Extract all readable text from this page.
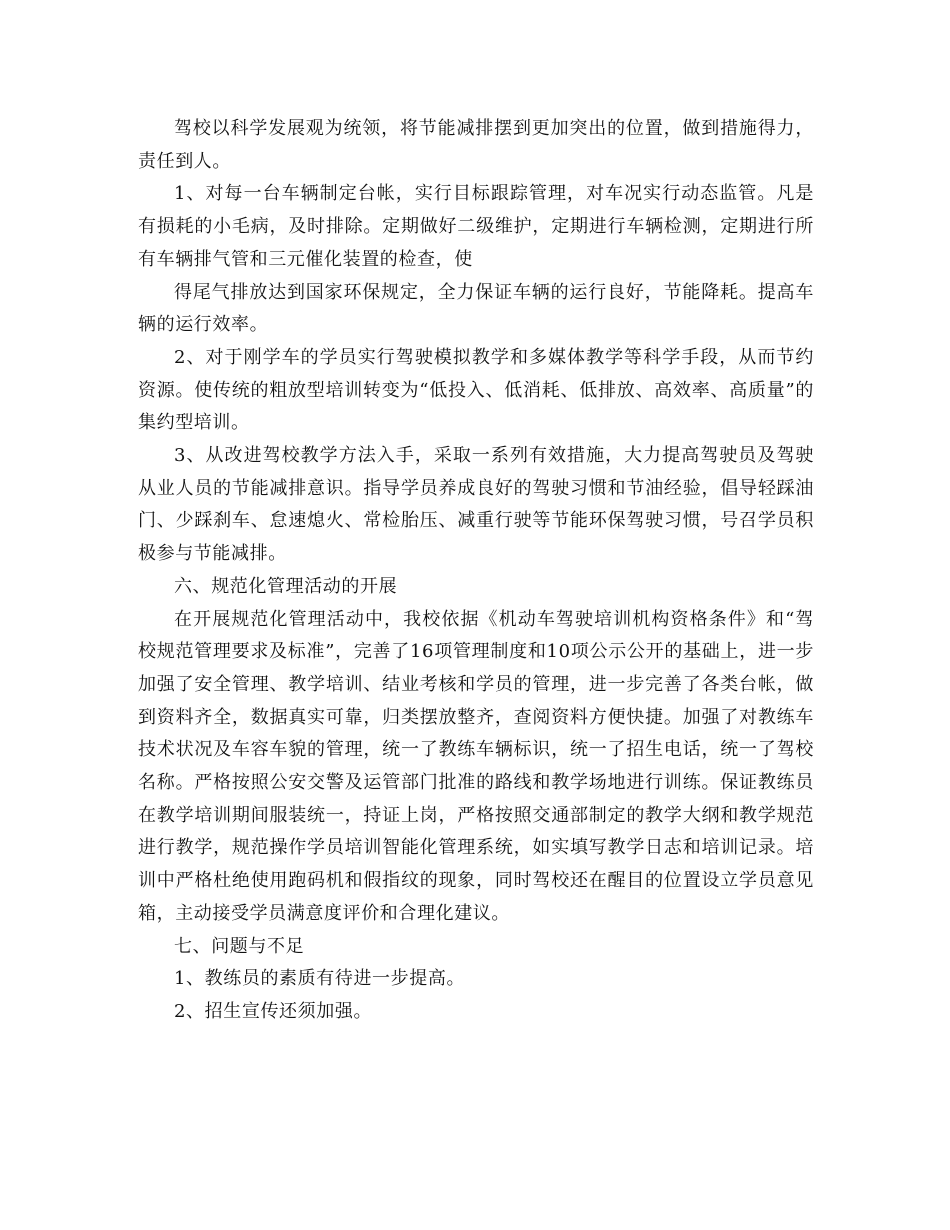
驾校以科学发展观为统领，将节能减排摆到更加突出的位置，做到措施得力，责任到人。

1、对每一台车辆制定台帐，实行目标跟踪管理，对车况实行动态监管。凡是有损耗的小毛病，及时排除。定期做好二级维护，定期进行车辆检测，定期进行所有车辆排气管和三元催化装置的检查，使

得尾气排放达到国家环保规定，全力保证车辆的运行良好，节能降耗。提高车辆的运行效率。

2、对于刚学车的学员实行驾驶模拟教学和多媒体教学等科学手段，从而节约资源。使传统的粗放型培训转变为“低投入、低消耗、低排放、高效率、高质量”的集约型培训。

3、从改进驾校教学方法入手，采取一系列有效措施，大力提高驾驶员及驾驶从业人员的节能减排意识。指导学员养成良好的驾驶习惯和节油经验，倡导轻踩油门、少踩刹车、怠速熄火、常检胎压、减重行驶等节能环保驾驶习惯，号召学员积极参与节能减排。

六、规范化管理活动的开展

在开展规范化管理活动中，我校依据《机动车驾驶培训机构资格条件》和“驾校规范管理要求及标准”，完善了16项管理制度和10项公示公开的基础上，进一步加强了安全管理、教学培训、结业考核和学员的管理，进一步完善了各类台帐，做到资料齐全，数据真实可靠，归类摆放整齐，查阅资料方便快捷。加强了对教练车技术状况及车容车貌的管理，统一了教练车辆标识，统一了招生电话，统一了驾校名称。严格按照公安交警及运管部门批准的路线和教学场地进行训练。保证教练员在教学培训期间服装统一，持证上岗，严格按照交通部制定的教学大纲和教学规范进行教学，规范操作学员培训智能化管理系统，如实填写教学日志和培训记录。培训中严格杜绝使用跑码机和假指纹的现象，同时驾校还在醒目的位置设立学员意见箱，主动接受学员满意度评价和合理化建议。

七、问题与不足

1、教练员的素质有待进一步提高。

2、招生宣传还须加强。
